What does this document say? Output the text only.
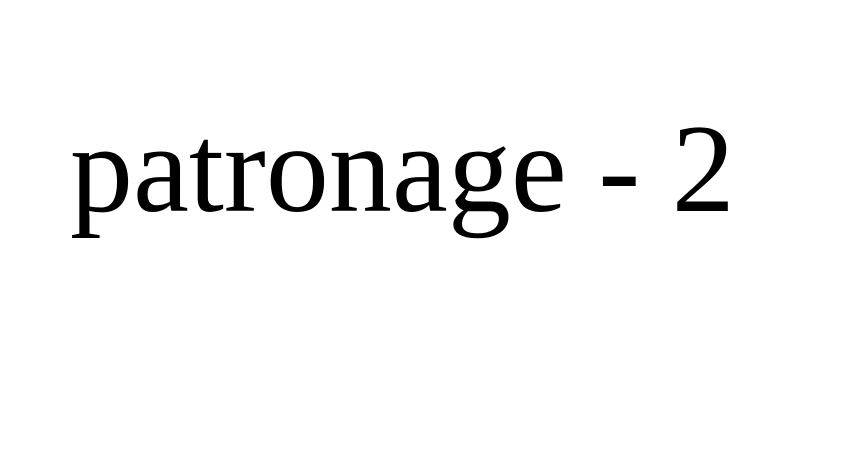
patronage - 2
